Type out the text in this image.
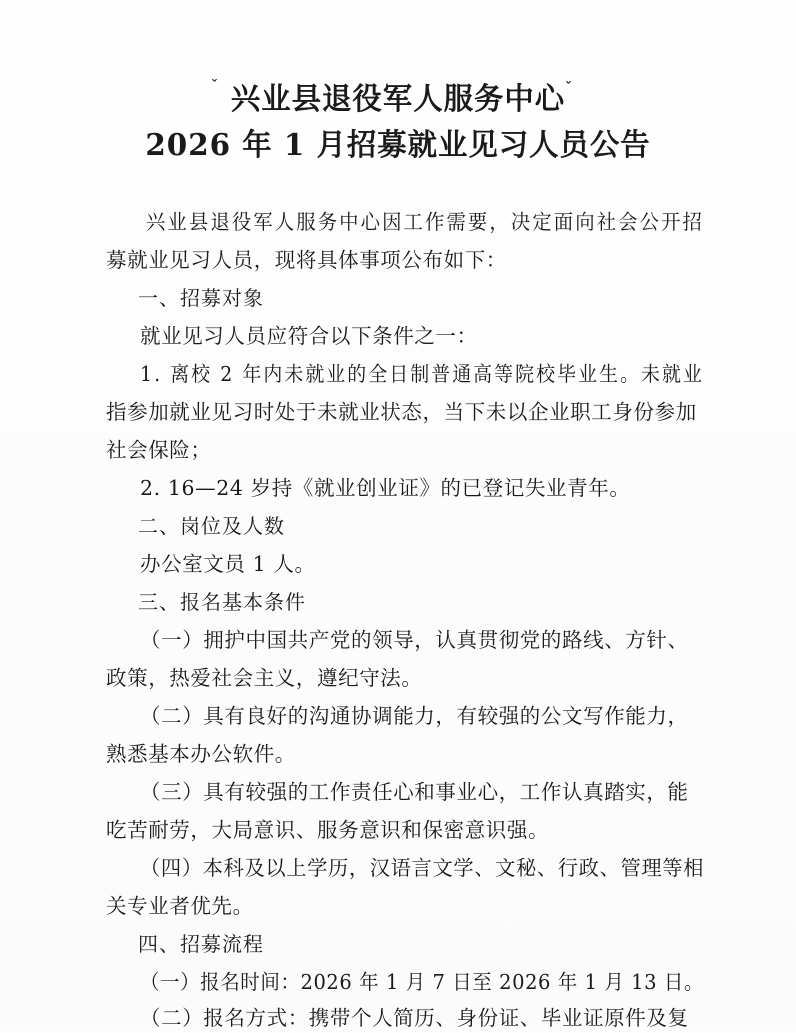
ˇ	ˇ
兴业县退役军人服务中心
2026 年 1 月招募就业见习人员公告
兴业县退役军人服务中心因工作需要，决定面向社会公开招
募就业见习人员，现将具体事项公布如下：
一、招募对象
就业见习人员应符合以下条件之一：
1. 离校 2 年内未就业的全日制普通高等院校毕业生。未就业
指参加就业见习时处于未就业状态，当下未以企业职工身份参加
社会保险；
2. 16—24 岁持《就业创业证》的已登记失业青年。
二、岗位及人数
办公室文员 1 人。
三、报名基本条件
（一）拥护中国共产党的领导，认真贯彻党的路线、方针、
政策，热爱社会主义，遵纪守法。
（二）具有良好的沟通协调能力，有较强的公文写作能力，
熟悉基本办公软件。
（三）具有较强的工作责任心和事业心，工作认真踏实，能
吃苦耐劳，大局意识、服务意识和保密意识强。
（四）本科及以上学历，汉语言文学、文秘、行政、管理等相
关专业者优先。
四、招募流程
（一）报名时间：2026 年 1 月 7 日至 2026 年 1 月 13 日。
（二）报名方式：携带个人简历、身份证、毕业证原件及复
